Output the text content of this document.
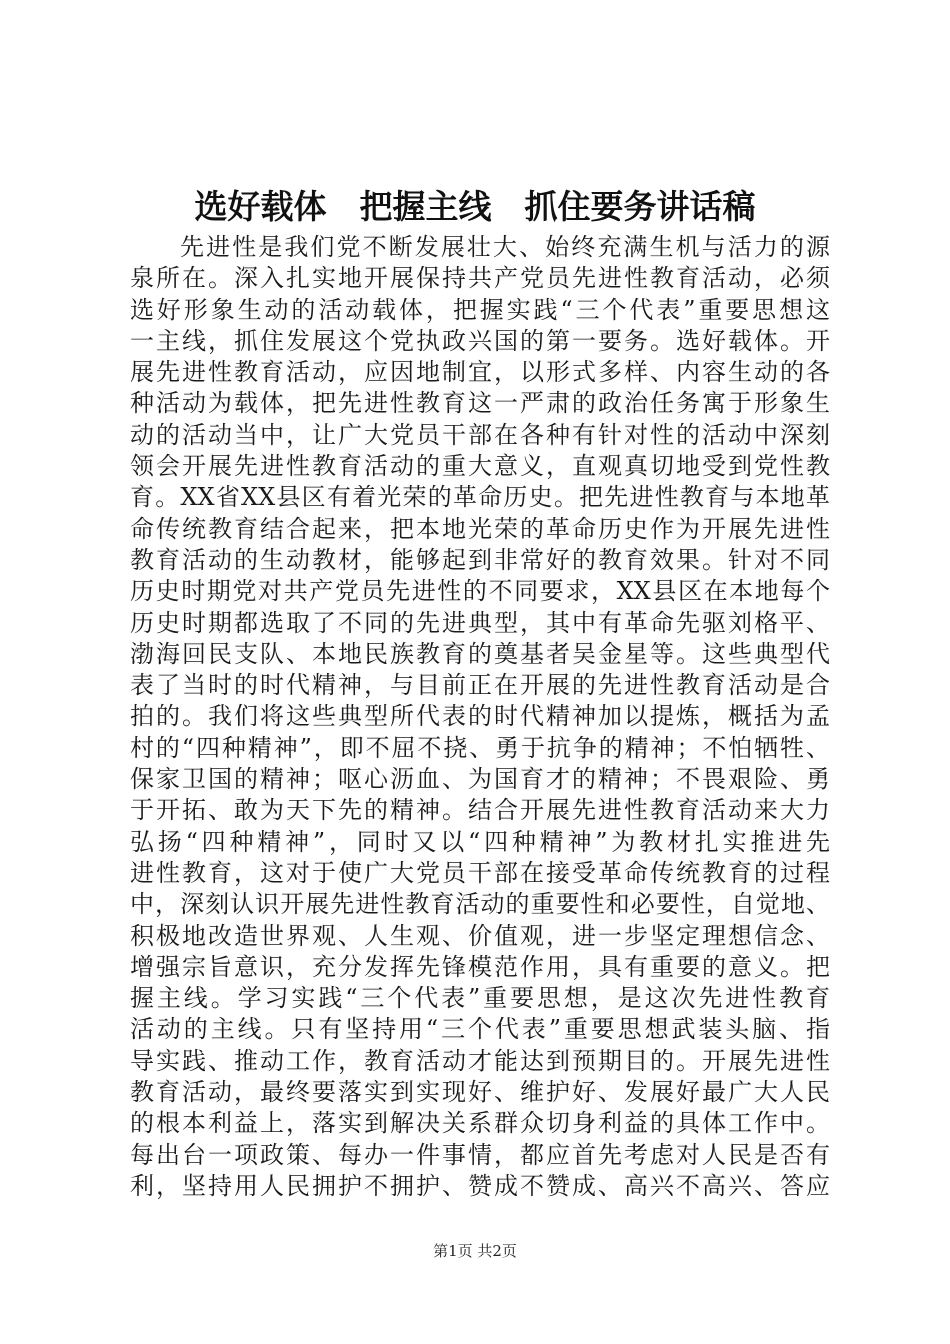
选好载体　把握主线　抓住要务讲话稿
先进性是我们党不断发展壮大、始终充满生机与活力的源
泉所在。深入扎实地开展保持共产党员先进性教育活动，必须
选好形象生动的活动载体，把握实践“三个代表”重要思想这
一主线，抓住发展这个党执政兴国的第一要务。选好载体。开
展先进性教育活动，应因地制宜，以形式多样、内容生动的各
种活动为载体，把先进性教育这一严肃的政治任务寓于形象生
动的活动当中，让广大党员干部在各种有针对性的活动中深刻
领会开展先进性教育活动的重大意义，直观真切地受到党性教
育。XX省XX县区有着光荣的革命历史。把先进性教育与本地革
命传统教育结合起来，把本地光荣的革命历史作为开展先进性
教育活动的生动教材，能够起到非常好的教育效果。针对不同
历史时期党对共产党员先进性的不同要求，XX县区在本地每个
历史时期都选取了不同的先进典型，其中有革命先驱刘格平、
渤海回民支队、本地民族教育的奠基者吴金星等。这些典型代
表了当时的时代精神，与目前正在开展的先进性教育活动是合
拍的。我们将这些典型所代表的时代精神加以提炼，概括为孟
村的“四种精神”，即不屈不挠、勇于抗争的精神；不怕牺牲、
保家卫国的精神；呕心沥血、为国育才的精神；不畏艰险、勇
于开拓、敢为天下先的精神。结合开展先进性教育活动来大力
弘扬“四种精神”，同时又以“四种精神”为教材扎实推进先
进性教育，这对于使广大党员干部在接受革命传统教育的过程
中，深刻认识开展先进性教育活动的重要性和必要性，自觉地、
积极地改造世界观、人生观、价值观，进一步坚定理想信念、
增强宗旨意识，充分发挥先锋模范作用，具有重要的意义。把
握主线。学习实践“三个代表”重要思想，是这次先进性教育
活动的主线。只有坚持用“三个代表”重要思想武装头脑、指
导实践、推动工作，教育活动才能达到预期目的。开展先进性
教育活动，最终要落实到实现好、维护好、发展好最广大人民
的根本利益上，落实到解决关系群众切身利益的具体工作中。
每出台一项政策、每办一件事情，都应首先考虑对人民是否有
利，坚持用人民拥护不拥护、赞成不赞成、高兴不高兴、答应
第1页 共2页
